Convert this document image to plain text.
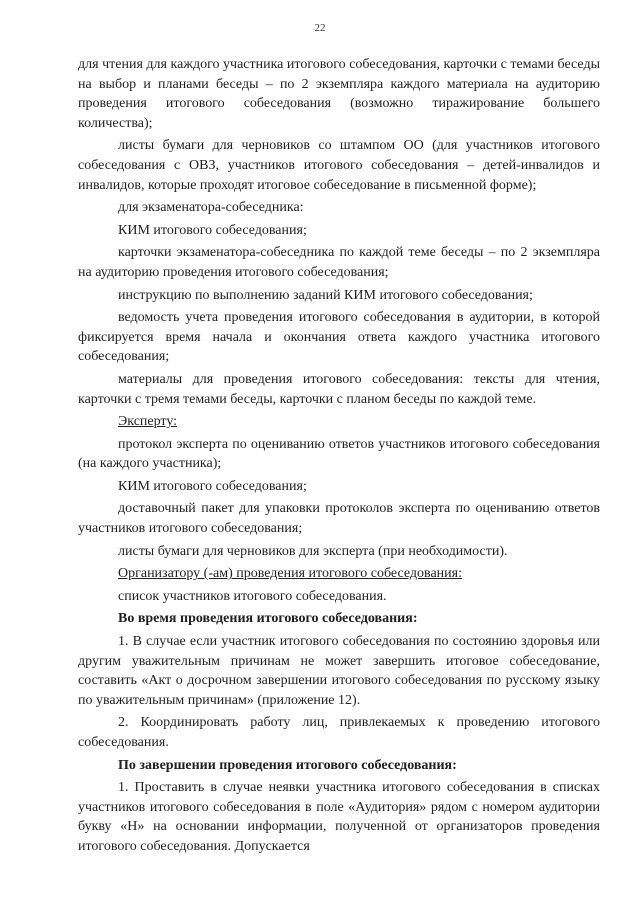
22

для чтения для каждого участника итогового собеседования, карточки с темами беседы на выбор и планами беседы – по 2 экземпляра каждого материала на аудиторию проведения итогового собеседования (возможно тиражирование большего количества);

листы бумаги для черновиков со штампом ОО (для участников итогового собеседования с ОВЗ, участников итогового собеседования – детей-инвалидов и инвалидов, которые проходят итоговое собеседование в письменной форме);

для экзаменатора-собеседника:

КИМ итогового собеседования;

карточки экзаменатора-собеседника по каждой теме беседы – по 2 экземпляра на аудиторию проведения итогового собеседования;

инструкцию по выполнению заданий КИМ итогового собеседования;

ведомость учета проведения итогового собеседования в аудитории, в которой фиксируется время начала и окончания ответа каждого участника итогового собеседования;

материалы для проведения итогового собеседования: тексты для чтения, карточки с тремя темами беседы, карточки с планом беседы по каждой теме.

Эксперту:

протокол эксперта по оцениванию ответов участников итогового собеседования (на каждого участника);

КИМ итогового собеседования;

доставочный пакет для упаковки протоколов эксперта по оцениванию ответов участников итогового собеседования;

листы бумаги для черновиков для эксперта (при необходимости).

Организатору (-ам) проведения итогового собеседования:

список участников итогового собеседования.

Во время проведения итогового собеседования:

1. В случае если участник итогового собеседования по состоянию здоровья или другим уважительным причинам не может завершить итоговое собеседование, составить «Акт о досрочном завершении итогового собеседования по русскому языку по уважительным причинам» (приложение 12).

2. Координировать работу лиц, привлекаемых к проведению итогового собеседования.

По завершении проведения итогового собеседования:

1. Проставить в случае неявки участника итогового собеседования в списках участников итогового собеседования в поле «Аудитория» рядом с номером аудитории букву «Н» на основании информации, полученной от организаторов проведения итогового собеседования. Допускается
